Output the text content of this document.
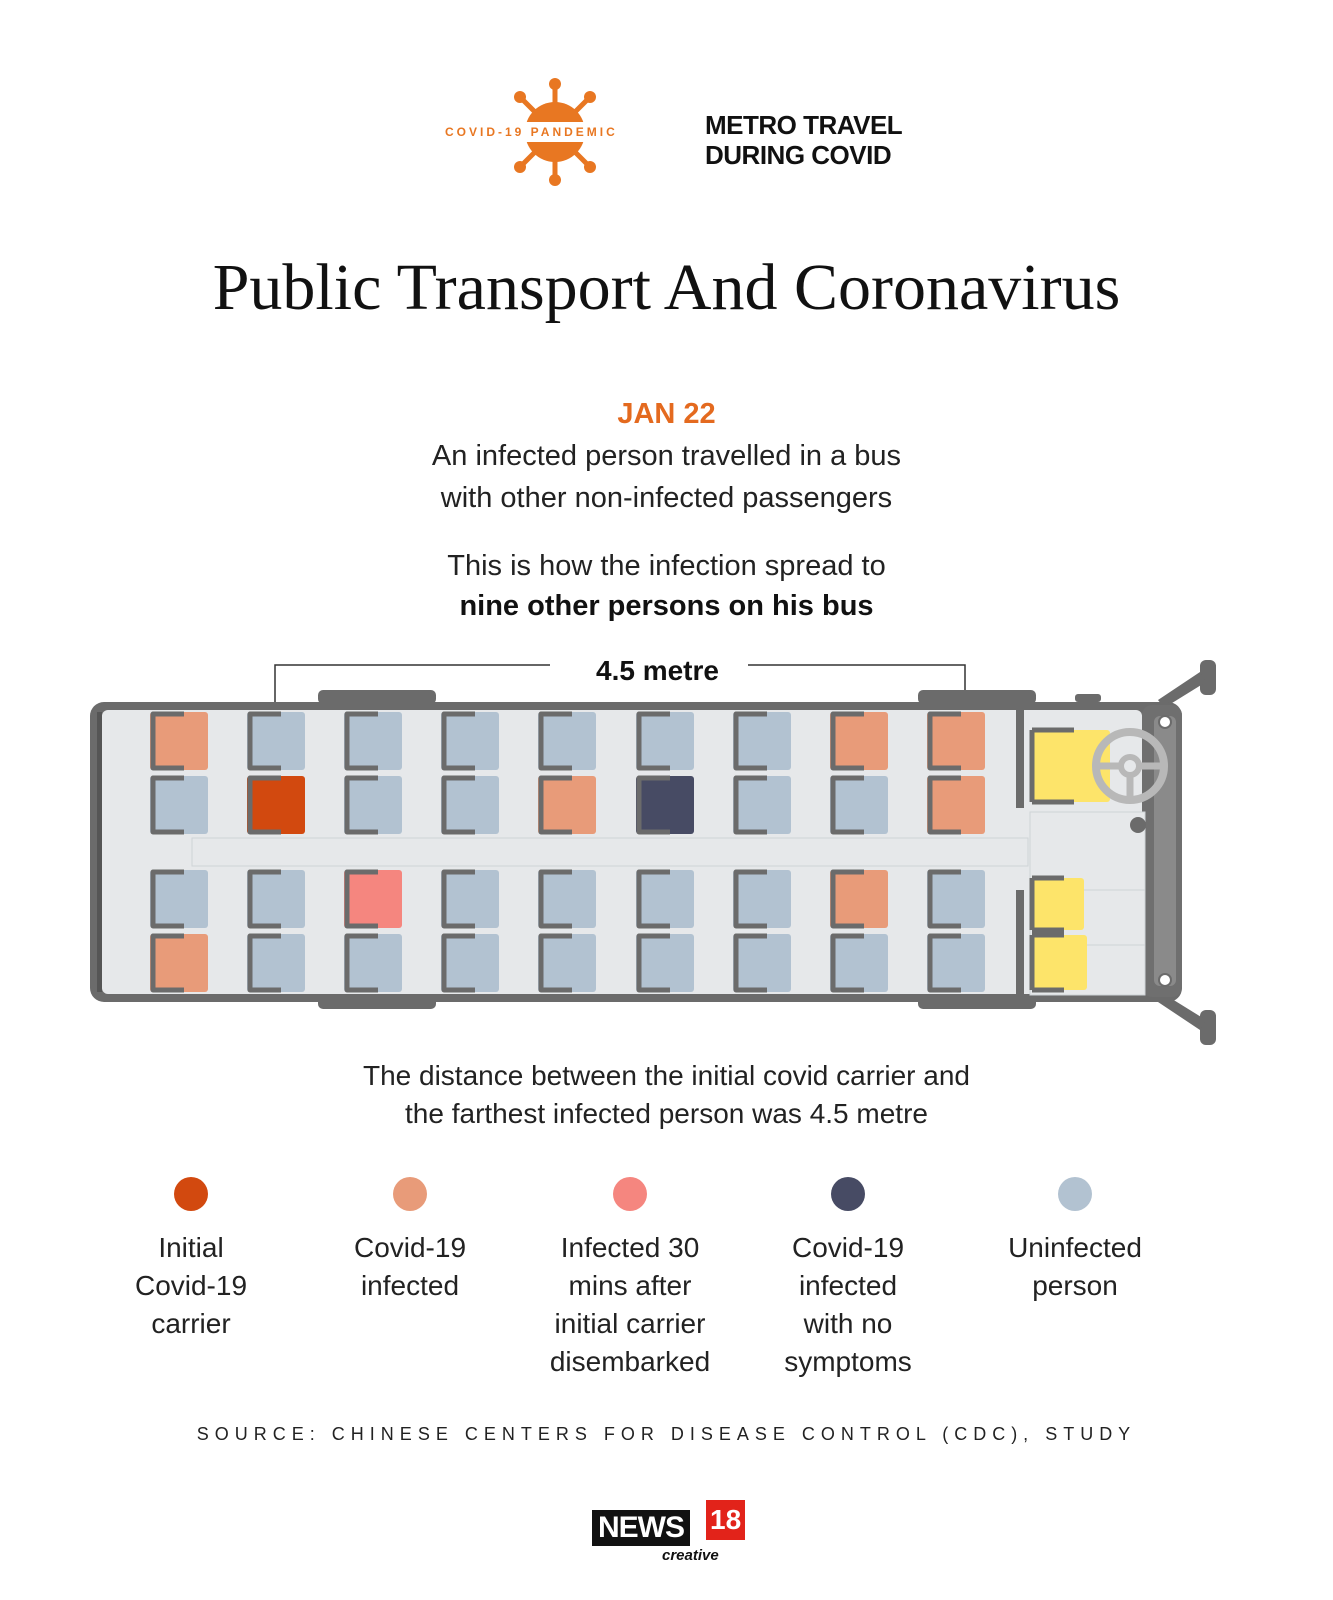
COVID-19 PANDEMIC	METRO TRAVEL
DURING COVID
Public Transport And Coronavirus
JAN 22
An infected person travelled in a bus
with other non-infected passengers
This is how the infection spread to
nine other persons on his bus
4.5 metre
The distance between the initial covid carrier and
the farthest infected person was 4.5 metre
Initial
Covid-19
carrier
Covid-19
infected
Infected 30
mins after
initial carrier
disembarked
Covid-19
infected
with no
symptoms
Uninfected
person
SOURCE: CHINESE CENTERS FOR DISEASE CONTROL (CDC), STUDY
NEWS 18
creative
